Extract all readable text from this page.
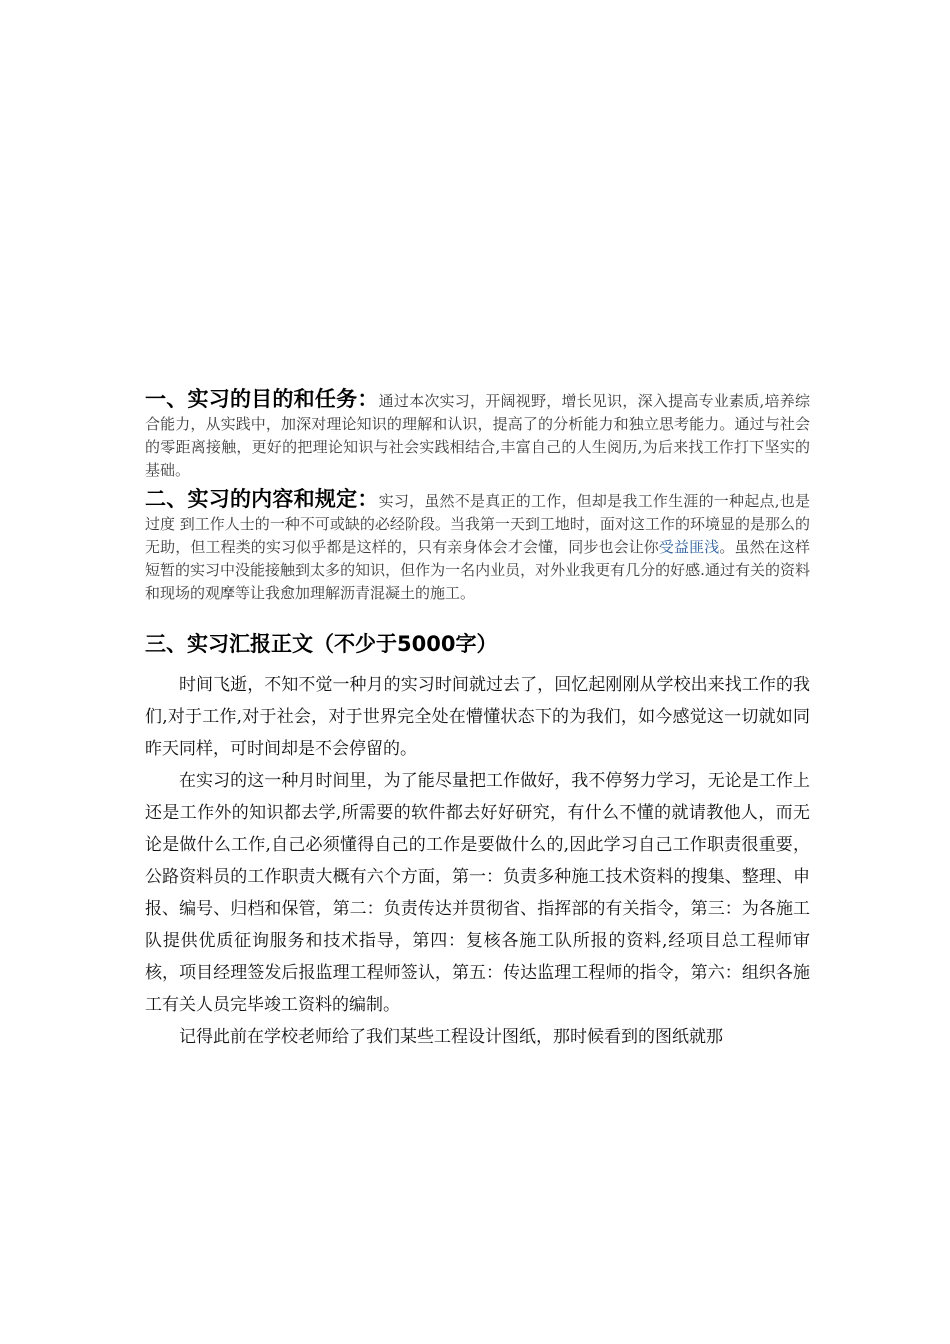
一、实习的目的和任务：通过本次实习，开阔视野，增长见识，深入提高专业素质,培养综合能力，从实践中，加深对理论知识的理解和认识，提高了的分析能力和独立思考能力。通过与社会的零距离接触，更好的把理论知识与社会实践相结合,丰富自己的人生阅历,为后来找工作打下坚实的基础。

二、实习的内容和规定：实习，虽然不是真正的工作，但却是我工作生涯的一种起点,也是过度 到工作人士的一种不可或缺的必经阶段。当我第一天到工地时，面对这工作的环境显的是那么的无助，但工程类的实习似乎都是这样的，只有亲身体会才会懂，同步也会让你受益匪浅。虽然在这样短暂的实习中没能接触到太多的知识，但作为一名内业员，对外业我更有几分的好感.通过有关的资料和现场的观摩等让我愈加理解沥青混凝土的施工。

三、实习汇报正文（不少于5000字）

时间飞逝，不知不觉一种月的实习时间就过去了，回忆起刚刚从学校出来找工作的我们,对于工作,对于社会，对于世界完全处在懵懂状态下的为我们，如今感觉这一切就如同昨天同样，可时间却是不会停留的。

在实习的这一种月时间里，为了能尽量把工作做好，我不停努力学习，无论是工作上还是工作外的知识都去学,所需要的软件都去好好研究，有什么不懂的就请教他人，而无论是做什么工作,自己必须懂得自己的工作是要做什么的,因此学习自己工作职责很重要，公路资料员的工作职责大概有六个方面，第一：负责多种施工技术资料的搜集、整理、申报、编号、归档和保管，第二：负责传达并贯彻省、指挥部的有关指令，第三：为各施工队提供优质征询服务和技术指导，第四：复核各施工队所报的资料,经项目总工程师审核，项目经理签发后报监理工程师签认，第五：传达监理工程师的指令，第六：组织各施工有关人员完毕竣工资料的编制。

记得此前在学校老师给了我们某些工程设计图纸，那时候看到的图纸就那
